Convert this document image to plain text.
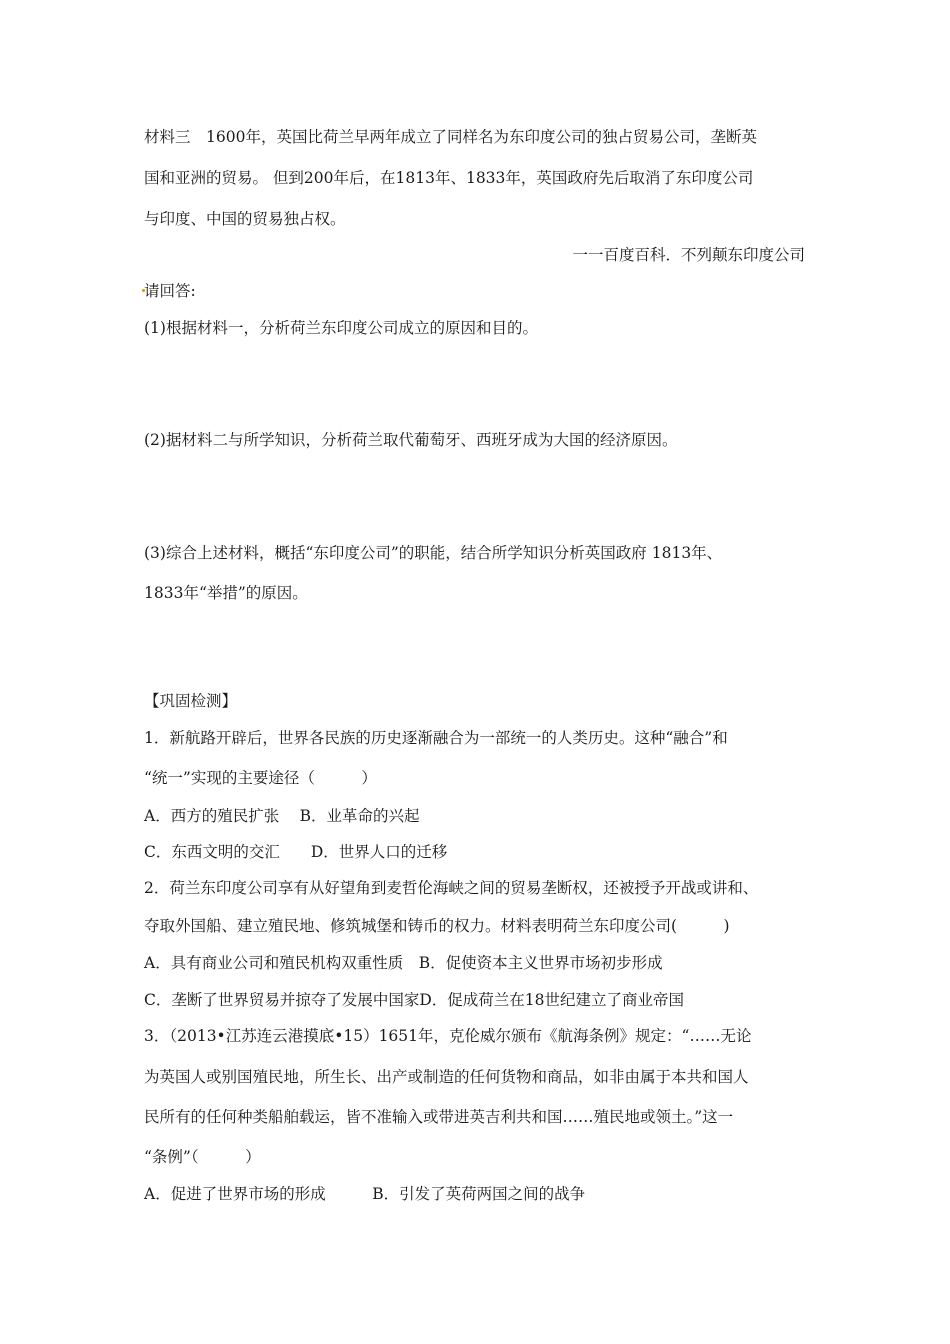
材料三　1600年，英国比荷兰早两年成立了同样名为东印度公司的独占贸易公司，垄断英
国和亚洲的贸易。 但到200年后，在1813年、1833年，英国政府先后取消了东印度公司
与印度、中国的贸易独占权。
一一百度百科．不列颠东印度公司
请回答:
(1)根据材料一，分析荷兰东印度公司成立的原因和目的。
(2)据材料二与所学知识，分析荷兰取代葡萄牙、西班牙成为大国的经济原因。
(3)综合上述材料，概括“东印度公司”的职能，结合所学知识分析英国政府 1813年、
1833年“举措”的原因。
【巩固检测】
1．新航路开辟后，世界各民族的历史逐渐融合为一部统一的人类历史。这种“融合”和
“统一”实现的主要途径（　　　）
A．西方的殖民扩张　 B．业革命的兴起
C．东西文明的交汇　　D．世界人口的迁移
2．荷兰东印度公司享有从好望角到麦哲伦海峡之间的贸易垄断权，还被授予开战或讲和、
夺取外国船、建立殖民地、修筑城堡和铸币的权力。材料表明荷兰东印度公司(　　　)
A．具有商业公司和殖民机构双重性质　B．促使资本主义世界市场初步形成
C．垄断了世界贸易并掠夺了发展中国家D．促成荷兰在18世纪建立了商业帝国
3．（2013•江苏连云港摸底•15）1651年，克伦威尔颁布《航海条例》规定：“……无论
为英国人或别国殖民地，所生长、出产或制造的任何货物和商品，如非由属于本共和国人
民所有的任何种类船舶载运，皆不准输入或带进英吉利共和国……殖民地或领土。”这一
“条例”（　　　）
A．促进了世界市场的形成　　　B．引发了英荷两国之间的战争
